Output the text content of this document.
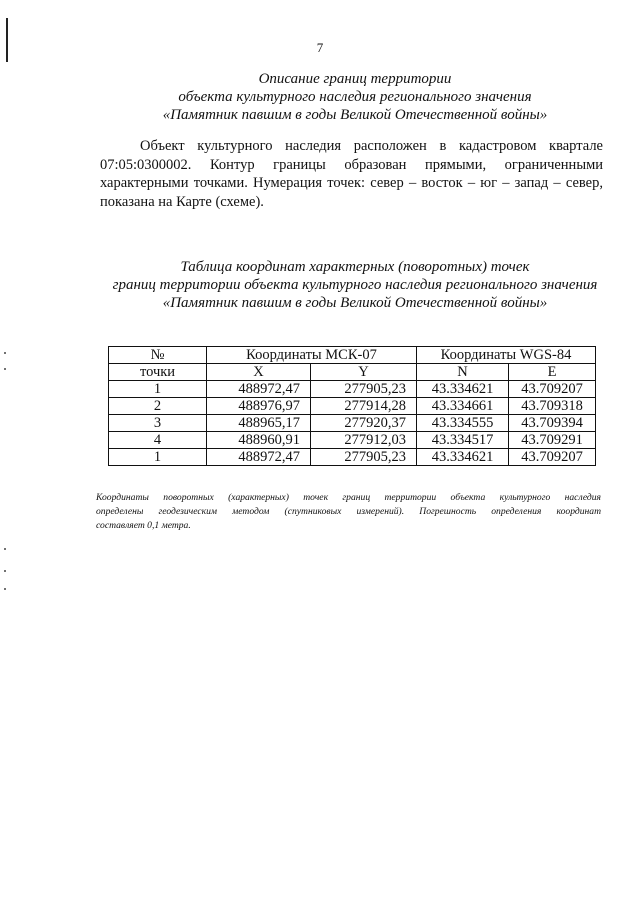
7
Описание границ территории
объекта культурного наследия регионального значения
«Памятник павшим в годы Великой Отечественной войны»
Объект культурного наследия расположен в кадастровом квартале
07:05:0300002. Контур границы образован прямыми, ограниченными
характерными точками. Нумерация точек: север – восток – юг – запад – север,
показана на Карте (схеме).
Таблица координат характерных (поворотных) точек
границ территории объекта культурного наследия регионального значения
«Памятник павшим в годы Великой Отечественной войны»
№	Координаты МСК-07		Координаты WGS-84	
точки	X	Y	N	E
1	488972,47	277905,23	43.334621	43.709207
2	488976,97	277914,28	43.334661	43.709318
3	488965,17	277920,37	43.334555	43.709394
4	488960,91	277912,03	43.334517	43.709291
1	488972,47	277905,23	43.334621	43.709207
Координаты поворотных (характерных) точек границ территории объекта культурного наследия
определены геодезическим методом (спутниковых измерений). Погрешность определения координат
составляет 0,1 метра.
